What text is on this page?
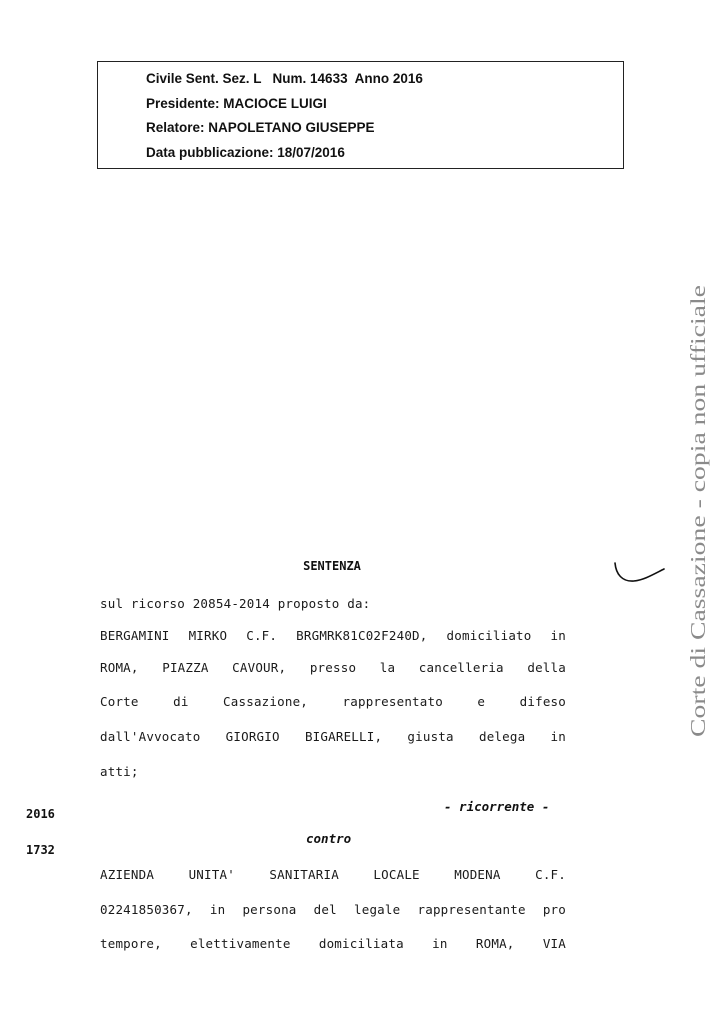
Civile Sent. Sez. L   Num. 14633  Anno 2016
Presidente: MACIOCE LUIGI
Relatore: NAPOLETANO GIUSEPPE
Data pubblicazione: 18/07/2016
Corte di Cassazione - copia non ufficiale
SENTENZA
sul ricorso 20854-2014 proposto da:
BERGAMINI MIRKO C.F. BRGMRK81C02F240D, domiciliato in
ROMA, PIAZZA CAVOUR, presso la cancelleria della
Corte di Cassazione, rappresentato e difeso
dall'Avvocato GIORGIO BIGARELLI, giusta delega in
atti;
- ricorrente -
2016
1732
contro
AZIENDA UNITA' SANITARIA LOCALE MODENA C.F.
02241850367, in persona del legale rappresentante pro
tempore, elettivamente domiciliata in ROMA, VIA
